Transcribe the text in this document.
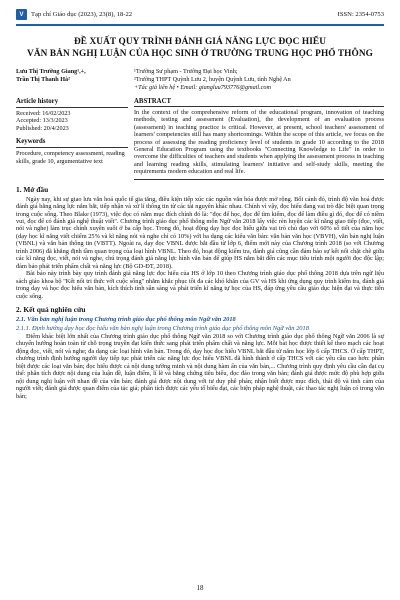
V	Tạp chí Giáo dục (2023), 23(8), 18-22	ISSN: 2354-0753
ĐỀ XUẤT QUY TRÌNH ĐÁNH GIÁ NĂNG LỰC ĐỌC HIỂU
VĂN BẢN NGHỊ LUẬN CỦA HỌC SINH Ở TRƯỜNG TRUNG HỌC PHỔ THÔNG
Lưu Thị Trường Giang¹,+,
Trần Thị Thanh Hà²
¹Trường Sư phạm - Trường Đại học Vinh;
²Trường THPT Quỳnh Lưu 2, huyện Quỳnh Lưu, tỉnh Nghệ An
+Tác giả liên hệ • Email: giangluu793776@gmail.com
Article history

Received: 16/02/2023

Accepted: 13/3/2023

Published: 20/4/2023

Keywords
Procedure, competency assessment, reading skills, grade 10, argumentative text
ABSTRACT

In the context of the comprehensive reform of the educational program, innovation of teaching methods, testing and assessment (Evaluation), the development of an evaluation process (assessment) in teaching practice is critical. However, at present, school teachers' assessment of learners' competencies still has many shortcomings. Within the scope of this article, we focus on the process of assessing the reading proficiency level of students in grade 10 according to the 2018 General Education Program using the textbooks "Connecting Knowledge to Life" in order to overcome the difficulties of teachers and students when applying the assessment process in teaching and learning reading skills, stimulating learners' initiative and self-study skills, meeting the requirements modern education and real life.

1. Mở đầu

Ngày nay, khi sự giao lưu văn hoá quốc tế gia tăng, điều kiện tiếp xúc các nguồn văn hóa được mở rộng. Bối cảnh đó, trình độ văn hoá được đánh giá bằng năng lực nắm bắt, tiếp nhận và xử lí thông tin từ các tài nguyên khác nhau. Chính vì vậy, đọc hiểu đang vai trò đặc biệt quan trọng trong cuộc sống. Theo Blake (1973), việc đọc có năm mục đích chính đó là: "đọc để học, đọc để tìm kiếm, đọc để làm điều gì đó, đọc để có niềm vui, đọc để có đánh giá nghệ thuật viết". Chương trình giáo dục phổ thông môn Ngữ văn 2018 lấy việc rèn luyện các kĩ năng giao tiếp (đọc, viết, nói và nghe) làm trục chính xuyên suốt ở ba cấp học. Trong đó, hoạt động dạy học đọc hiểu giữa vai trò chủ đạo với 60% số tiết của năm học (dạy học kĩ năng viết chiếm 25% và kĩ năng nói và nghe chỉ có 10%) với ba dạng các kiểu văn bản: văn bản văn học (VBVH), văn bản nghị luận (VBNL) và văn bản thông tin (VBTT). Ngoài ra, dạy đọc VBNL được bắt đầu từ lớp 6, điểm mới này của Chương trình 2018 (so với Chương trình 2006) đã khẳng định tầm quan trọng của loại hình VBNL. Theo đó, hoạt động kiểm tra, đánh giá cũng cần đảm bảo sự kết nối chặt chẽ giữa các kĩ năng đọc, viết, nói và nghe, chú trọng đánh giá năng lực hình văn bản để giúp HS nắm bắt đến các mục tiêu trình một người đọc độc lập; đảm bảo phát triển phẩm chất và năng lực (Bộ GD-ĐT, 2018).

Bài báo này trình bày quy trình đánh giá năng lực đọc hiểu của HS ở lớp 10 theo Chương trình giáo dục phổ thông 2018 dựa trên ngữ liệu sách giáo khoa bộ "Kết nối tri thức với cuộc sống" nhằm khắc phục tồi đa các khó khăn của GV và HS khi ứng dụng quy trình kiểm tra, đánh giá trong dạy và học đọc hiểu văn bản, kích thích tính sẵn sàng và phát triển kĩ năng tự học của HS, đáp ứng yêu cầu giáo dục hiện đại và thực tiễn cuộc sống.

2. Kết quả nghiên cứu
2.1. Văn bản nghị luận trong Chương trình giáo dục phổ thông môn Ngữ văn 2018
2.1.1. Định hướng dạy học đọc hiểu văn bản nghị luận trong Chương trình giáo dục phổ thông môn Ngữ văn 2018

Điểm khác biệt lớn nhất của Chương trình giáo dục phổ thông Ngữ văn 2018 so với Chương trình giáo dục phổ thông Ngữ văn 2006 là sự chuyển hướng hoàn toàn từ chỗ trọng truyền đạt kiến thức sang phát triển phẩm chất và năng lực. Mỗi bài học được thiết kế theo mạch các hoạt động đọc, viết, nói và nghe; đa dạng các loại hình văn bản. Trong đó, dạy học đọc hiểu VBNL bắt đầu từ năm học lớp 6 cấp THCS. Ở cấp THPT, chương trình định hướng người dạy tiếp tục phát triển các năng lực đọc hiểu VBNL đã hình thành ở cấp THCS với các yêu cầu cao hơn: phân biệt được các loại văn bản; đọc hiểu được cả nội dung tường minh và nội dung hàm ẩn của văn bản,... Chương trình quy định yêu cầu cần đạt cụ thể: phân tích được nội dung của luận đề, luận điểm, lí lẽ và bằng chứng tiêu biểu, đọc đáo trong văn bản; đánh giá được mức độ phù hợp giữa nội dung nghị luận với nhan đề của văn bản; đánh giá được nội dung với tư duy phê phán; nhận biết được mục đích, thái độ và tình cảm của người viết; đánh giá được quan điểm của tác giả; phân tích được các yếu tố biểu đạt, các biện pháp nghệ thuật, các thao tác nghị luận có trong văn bản;

18
